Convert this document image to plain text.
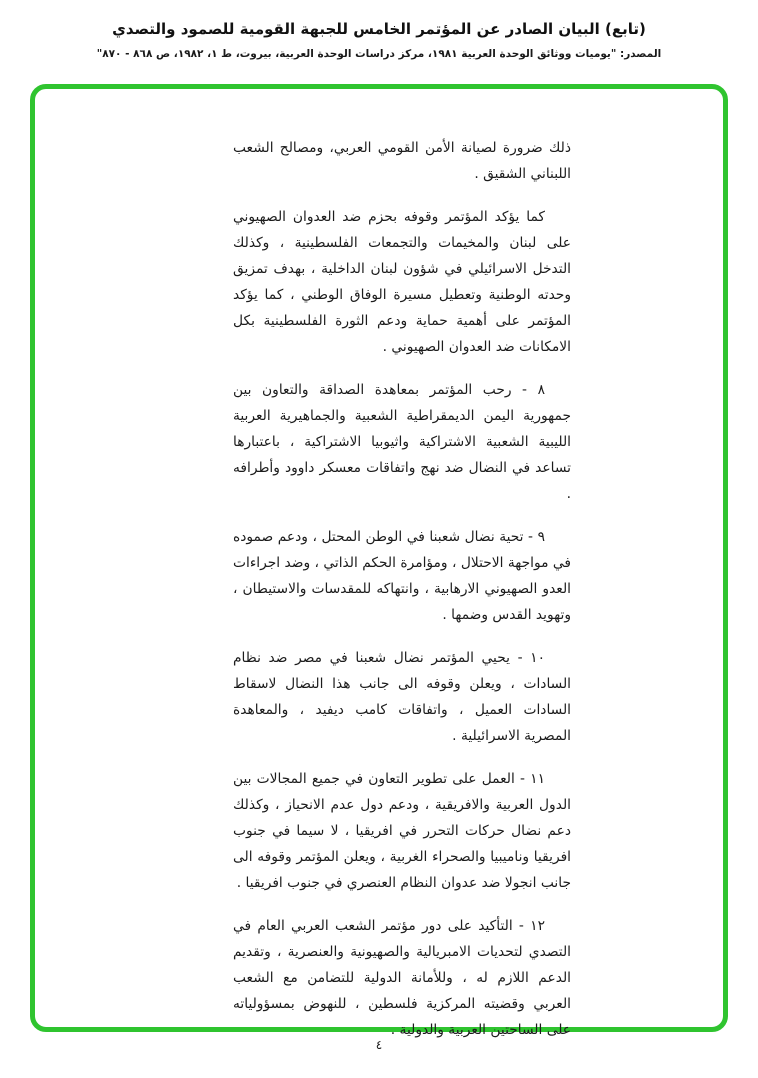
(تابع) البيان الصادر عن المؤتمر الخامس للجبهة القومية للصمود والتصدي
المصدر: "يوميات ووثائق الوحدة العربية ١٩٨١، مركز دراسات الوحدة العربية، بيروت، ط ١، ١٩٨٢، ص ٨٦٨ - ٨٧٠"

ذلك ضرورة لصيانة الأمن القومي العربي، ومصالح الشعب اللبناني الشقيق .

كما يؤكد المؤتمر وقوفه بحزم ضد العدوان الصهيوني على لبنان والمخيمات والتجمعات الفلسطينية ، وكذلك التدخل الاسرائيلي في شؤون لبنان الداخلية ، بهدف تمزيق وحدته الوطنية وتعطيل مسيرة الوفاق الوطني ، كما يؤكد المؤتمر على أهمية حماية ودعم الثورة الفلسطينية بكل الامكانات ضد العدوان الصهيوني .

٨ - رحب المؤتمر بمعاهدة الصداقة والتعاون بين جمهورية اليمن الديمقراطية الشعبية والجماهيرية العربية الليبية الشعبية الاشتراكية واثيوبيا الاشتراكية ، باعتبارها تساعد في النضال ضد نهج واتفاقات معسكر داوود وأطرافه .

٩ - تحية نضال شعبنا في الوطن المحتل ، ودعم صموده في مواجهة الاحتلال ، ومؤامرة الحكم الذاتي ، وضد اجراءات العدو الصهيوني الارهابية ، وانتهاكه للمقدسات والاستيطان ، وتهويد القدس وضمها .

١٠ - يحيي المؤتمر نضال شعبنا في مصر ضد نظام السادات ، ويعلن وقوفه الى جانب هذا النضال لاسقاط السادات العميل ، واتفاقات كامب ديفيد ، والمعاهدة المصرية الاسرائيلية .

١١ - العمل على تطوير التعاون في جميع المجالات بين الدول العربية والافريقية ، ودعم دول عدم الانحياز ، وكذلك دعم نضال حركات التحرر في افريقيا ، لا سيما في جنوب افريقيا وناميبيا والصحراء الغربية ، ويعلن المؤتمر وقوفه الى جانب انجولا ضد عدوان النظام العنصري في جنوب افريقيا .

١٢ - التأكيد على دور مؤتمر الشعب العربي العام في التصدي لتحديات الامبريالية والصهيونية والعنصرية ، وتقديم الدعم اللازم له ، وللأمانة الدولية للتضامن مع الشعب العربي وقضيته المركزية فلسطين ، للنهوض بمسؤولياته على الساحتين العربية والدولية .

٤
